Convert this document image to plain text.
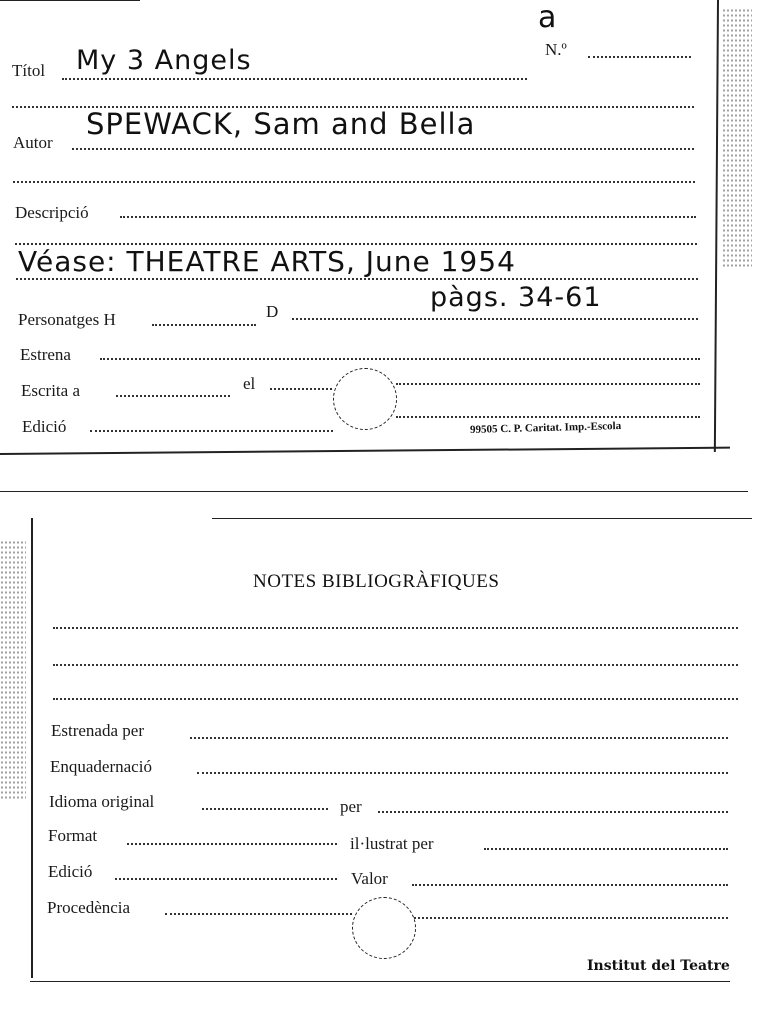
a
N.º
Títol My 3 Angels
Autor
SPEWACK, Sam and Bella
Descripció
Véase: THEATRE ARTS, June 1954
pàgs. 34-61
Personatges H	D
Estrena
Escrita a	el
Edició	99505 C. P. Caritat. Imp.-Escola
NOTES BIBLIOGRÀFIQUES
Estrenada per
Enquadernació
Idioma original	per
Format	il·lustrat per
Edició	Valor
Procedència
Institut del Teatre
